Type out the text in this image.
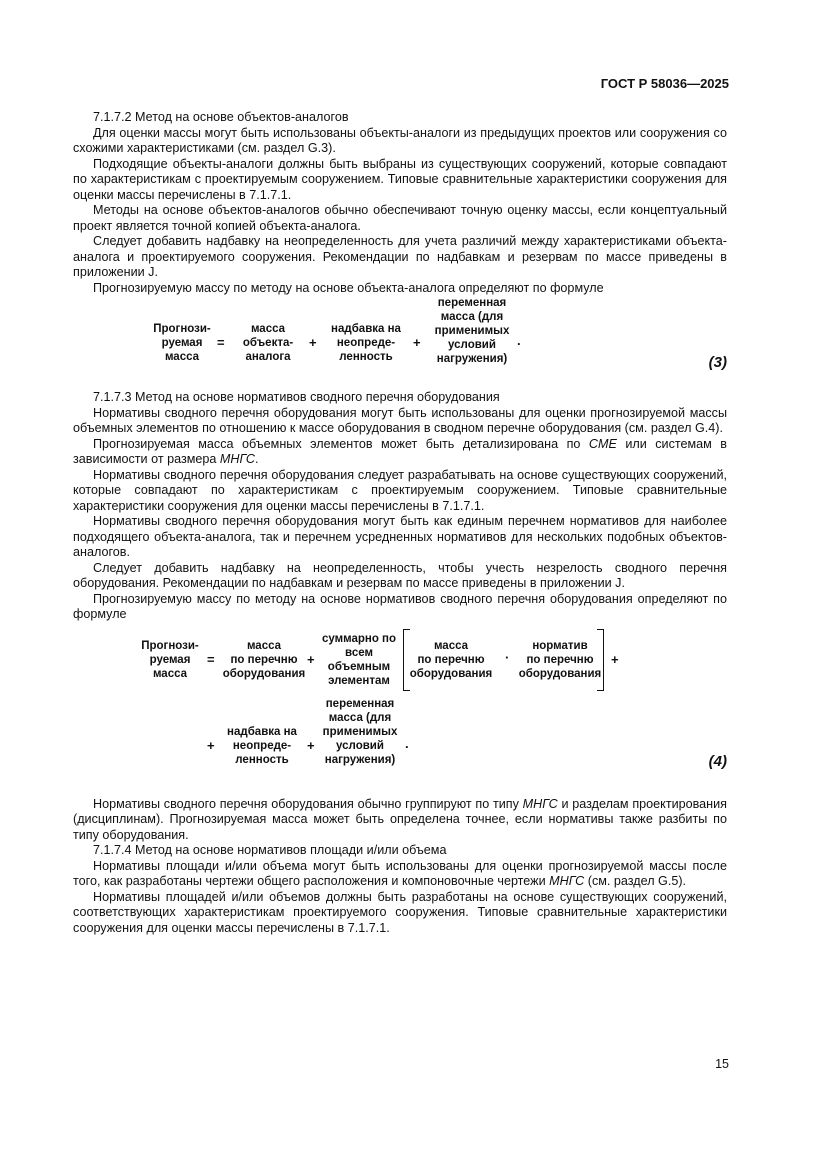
ГОСТ Р 58036—2025

7.1.7.2 Метод на основе объектов-аналогов

Для оценки массы могут быть использованы объекты-аналоги из предыдущих проектов или сооружения со схожими характеристиками (см. раздел G.3).

Подходящие объекты-аналоги должны быть выбраны из существующих сооружений, которые совпадают по характеристикам с проектируемым сооружением. Типовые сравнительные характеристики сооружения для оценки массы перечислены в 7.1.7.1.

Методы на основе объектов-аналогов обычно обеспечивают точную оценку массы, если концептуальный проект является точной копией объекта-аналога.

Следует добавить надбавку на неопределенность для учета различий между характеристиками объекта-аналога и проектируемого сооружения. Рекомендации по надбавкам и резервам по массе приведены в приложении J.

Прогнозируемую массу по методу на основе объекта-аналога определяют по формуле

Прогнози-
руемая
масса
=
масса
объекта-
аналога
+
надбавка на
неопреде-
ленность
+
переменная
масса (для
применимых
условий
нагружения)
.
(3)

7.1.7.3 Метод на основе нормативов сводного перечня оборудования

Нормативы сводного перечня оборудования могут быть использованы для оценки прогнозируемой массы объемных элементов по отношению к массе оборудования в сводном перечне оборудования (см. раздел G.4).

Прогнозируемая масса объемных элементов может быть детализирована по CME или системам в зависимости от размера МНГС.

Нормативы сводного перечня оборудования следует разрабатывать на основе существующих сооружений, которые совпадают по характеристикам с проектируемым сооружением. Типовые сравнительные характеристики сооружения для оценки массы перечислены в 7.1.7.1.

Нормативы сводного перечня оборудования могут быть как единым перечнем нормативов для наиболее подходящего объекта-аналога, так и перечнем усредненных нормативов для нескольких подобных объектов-аналогов.

Следует добавить надбавку на неопределенность, чтобы учесть незрелость сводного перечня оборудования. Рекомендации по надбавкам и резервам по массе приведены в приложении J.

Прогнозируемую массу по методу на основе нормативов сводного перечня оборудования определяют по формуле

Прогнози-
руемая
масса
=
масса
по перечню
оборудования
+
суммарно по
всем
объемным
элементам
масса
по перечню
оборудования
·
норматив
по перечню
оборудования
+
+
надбавка на
неопреде-
ленность
+
переменная
масса (для
применимых
условий
нагружения)
.
(4)

Нормативы сводного перечня оборудования обычно группируют по типу МНГС и разделам проектирования (дисциплинам). Прогнозируемая масса может быть определена точнее, если нормативы также разбиты по типу оборудования.

7.1.7.4 Метод на основе нормативов площади и/или объема

Нормативы площади и/или объема могут быть использованы для оценки прогнозируемой массы после того, как разработаны чертежи общего расположения и компоновочные чертежи МНГС (см. раздел G.5).

Нормативы площадей и/или объемов должны быть разработаны на основе существующих сооружений, соответствующих характеристикам проектируемого сооружения. Типовые сравнительные характеристики сооружения для оценки массы перечислены в 7.1.7.1.

15
